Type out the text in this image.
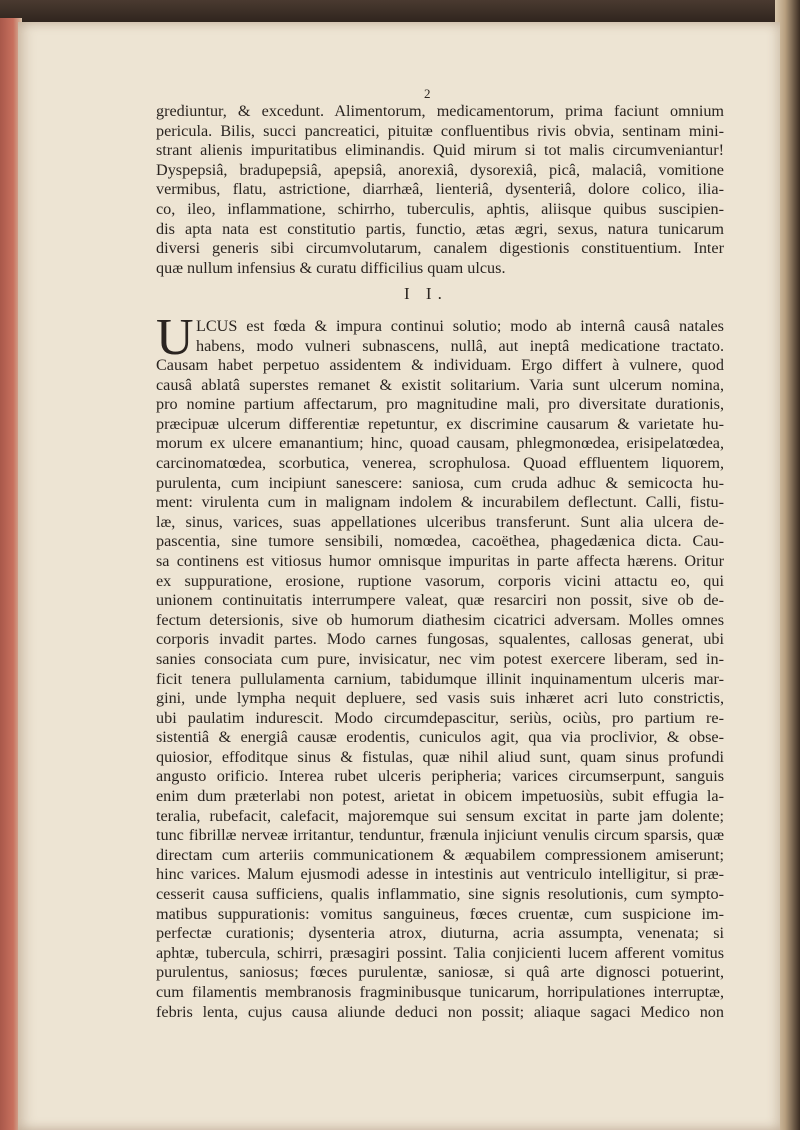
2
grediuntur, & excedunt. Alimentorum, medicamentorum, prima faciunt omnium
pericula. Bilis, succi pancreatici, pituitæ confluentibus rivis obvia, sentinam mini-
strant alienis impuritatibus eliminandis. Quid mirum si tot malis circumveniantur!
Dyspepsiâ, bradupepsiâ, apepsiâ, anorexiâ, dysorexiâ, picâ, malaciâ, vomitione
vermibus, flatu, astrictione, diarrhæâ, lienteriâ, dysenteriâ, dolore colico, ilia-
co, ileo, inflammatione, schirrho, tuberculis, aphtis, aliisque quibus suscipien-
dis apta nata est constitutio partis, functio, ætas ægri, sexus, natura tunicarum
diversi generis sibi circumvolutarum, canalem digestionis constituentium. Inter
quæ nullum infensius & curatu difficilius quam ulcus.
I I.
U LCUS est fœda & impura continui solutio; modo ab internâ causâ natales
habens, modo vulneri subnascens, nullâ, aut ineptâ medicatione tractato.
Causam habet perpetuo assidentem & individuam. Ergo differt à vulnere, quod
causâ ablatâ superstes remanet & existit solitarium. Varia sunt ulcerum nomina,
pro nomine partium affectarum, pro magnitudine mali, pro diversitate durationis,
præcipuæ ulcerum differentiæ repetuntur, ex discrimine causarum & varietate hu-
morum ex ulcere emanantium; hinc, quoad causam, phlegmonœdea, erisipelatœdea,
carcinomatœdea, scorbutica, venerea, scrophulosa. Quoad effluentem liquorem,
purulenta, cum incipiunt sanescere: saniosa, cum cruda adhuc & semicocta hu-
ment: virulenta cum in malignam indolem & incurabilem deflectunt. Calli, fistu-
læ, sinus, varices, suas appellationes ulceribus transferunt. Sunt alia ulcera de-
pascentia, sine tumore sensibili, nomœdea, cacoëthea, phagedænica dicta. Cau-
sa continens est vitiosus humor omnisque impuritas in parte affecta hærens. Oritur
ex suppuratione, erosione, ruptione vasorum, corporis vicini attactu eo, qui
unionem continuitatis interrumpere valeat, quæ resarciri non possit, sive ob de-
fectum detersionis, sive ob humorum diathesim cicatrici adversam. Molles omnes
corporis invadit partes. Modo carnes fungosas, squalentes, callosas generat, ubi
sanies consociata cum pure, invisicatur, nec vim potest exercere liberam, sed in-
ficit tenera pullulamenta carnium, tabidumque illinit inquinamentum ulceris mar-
gini, unde lympha nequit depluere, sed vasis suis inhæret acri luto constrictis,
ubi paulatim indurescit. Modo circumdepascitur, seriùs, ociùs, pro partium re-
sistentiâ & energiâ causæ erodentis, cuniculos agit, qua via proclivior, & obse-
quiosior, effoditque sinus & fistulas, quæ nihil aliud sunt, quam sinus profundi
angusto orificio. Interea rubet ulceris peripheria; varices circumserpunt, sanguis
enim dum præterlabi non potest, arietat in obicem impetuosiùs, subit effugia la-
teralia, rubefacit, calefacit, majoremque sui sensum excitat in parte jam dolente;
tunc fibrillæ nerveæ irritantur, tenduntur, frænula injiciunt venulis circum sparsis, quæ
directam cum arteriis communicationem & æquabilem compressionem amiserunt;
hinc varices. Malum ejusmodi adesse in intestinis aut ventriculo intelligitur, si præ-
cesserit causa sufficiens, qualis inflammatio, sine signis resolutionis, cum sympto-
matibus suppurationis: vomitus sanguineus, fœces cruentæ, cum suspicione im-
perfectæ curationis; dysenteria atrox, diuturna, acria assumpta, venenata; si
aphtæ, tubercula, schirri, præsagiri possint. Talia conjicienti lucem afferent vomitus
purulentus, saniosus; fœces purulentæ, saniosæ, si quâ arte dignosci potuerint,
cum filamentis membranosis fragminibusque tunicarum, horripulationes interruptæ,
febris lenta, cujus causa aliunde deduci non possit; aliaque sagaci Medico non
